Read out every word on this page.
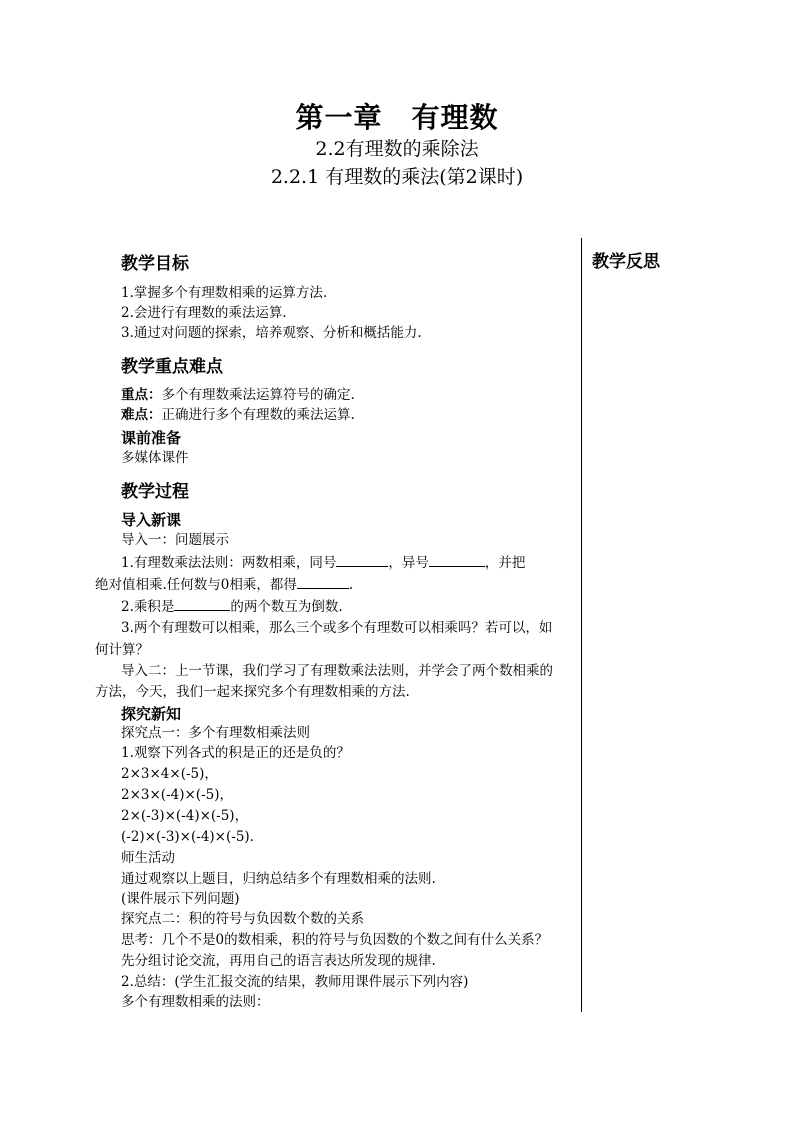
第一章　有理数
2.2有理数的乘除法
2.2.1 有理数的乘法(第2课时)
教学反思
教学目标
1.掌握多个有理数相乘的运算方法.
2.会进行有理数的乘法运算.
3.通过对问题的探索，培养观察、分析和概括能力.
教学重点难点
重点：多个有理数乘法运算符号的确定.
难点：正确进行多个有理数的乘法运算.
课前准备
多媒体课件
教学过程
导入新课
导入一：问题展示
1.有理数乘法法则：两数相乘，同号	，异号	，并把
绝对值相乘.任何数与0相乘，都得	.
2.乘积是	的两个数互为倒数.
3.两个有理数可以相乘，那么三个或多个有理数可以相乘吗？若可以，如
何计算？
导入二：上一节课，我们学习了有理数乘法法则，并学会了两个数相乘的
方法，今天，我们一起来探究多个有理数相乘的方法.
探究新知
探究点一：多个有理数相乘法则
1.观察下列各式的积是正的还是负的？
2×3×4×(-5)，
2×3×(-4)×(-5)，
2×(-3)×(-4)×(-5)，
(-2)×(-3)×(-4)×(-5).
师生活动
通过观察以上题目，归纳总结多个有理数相乘的法则.
(课件展示下列问题)
探究点二：积的符号与负因数个数的关系
思考：几个不是0的数相乘，积的符号与负因数的个数之间有什么关系？
先分组讨论交流，再用自己的语言表达所发现的规律.
2.总结：(学生汇报交流的结果，教师用课件展示下列内容)
多个有理数相乘的法则：
